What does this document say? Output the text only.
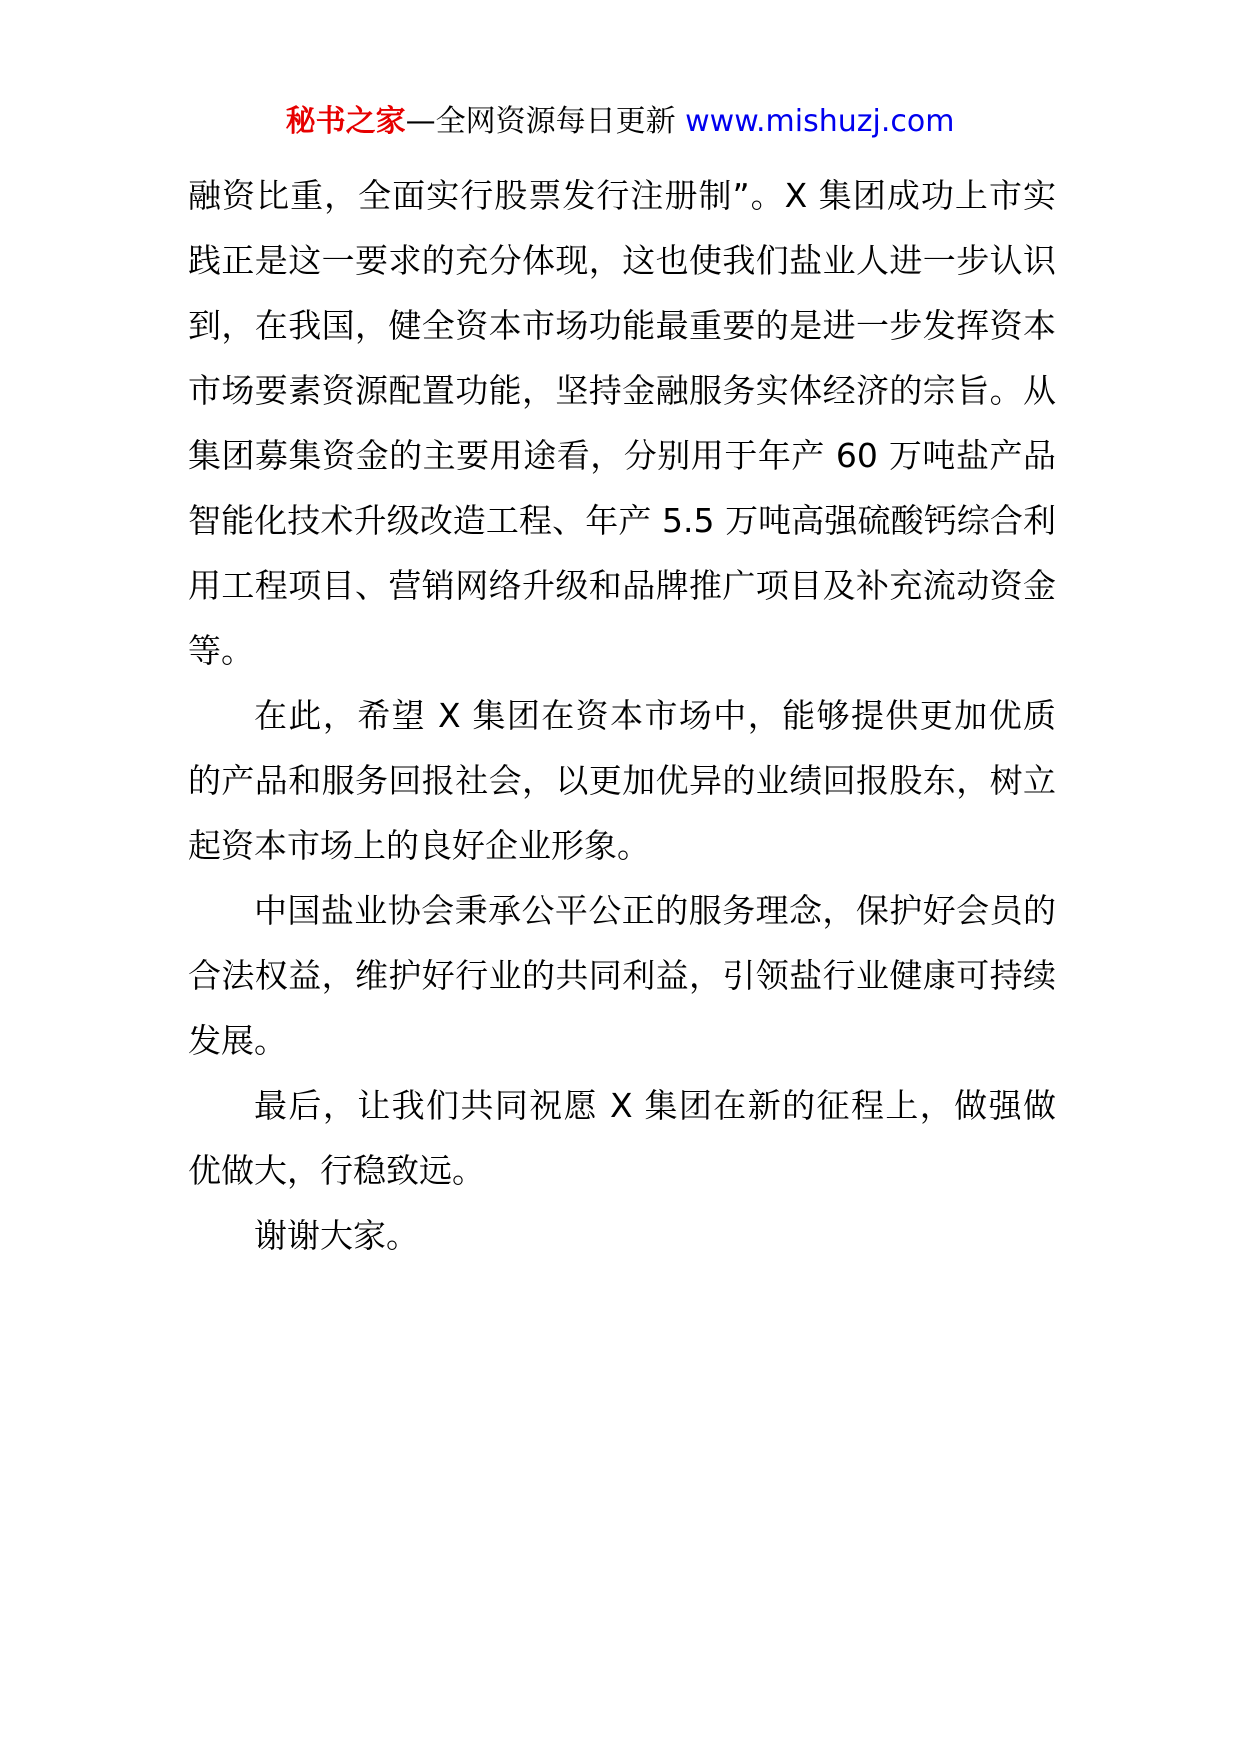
秘书之家—全网资源每日更新 www.mishuzj.com

融资比重，全面实行股票发行注册制”。X 集团成功上市实践正是这一要求的充分体现，这也使我们盐业人进一步认识到，在我国，健全资本市场功能最重要的是进一步发挥资本市场要素资源配置功能，坚持金融服务实体经济的宗旨。从集团募集资金的主要用途看，分别用于年产 60 万吨盐产品智能化技术升级改造工程、年产 5.5 万吨高强硫酸钙综合利用工程项目、营销网络升级和品牌推广项目及补充流动资金等。

在此，希望 X 集团在资本市场中，能够提供更加优质的产品和服务回报社会，以更加优异的业绩回报股东，树立起资本市场上的良好企业形象。

中国盐业协会秉承公平公正的服务理念，保护好会员的合法权益，维护好行业的共同利益，引领盐行业健康可持续发展。

最后，让我们共同祝愿 X 集团在新的征程上，做强做优做大，行稳致远。

谢谢大家。
